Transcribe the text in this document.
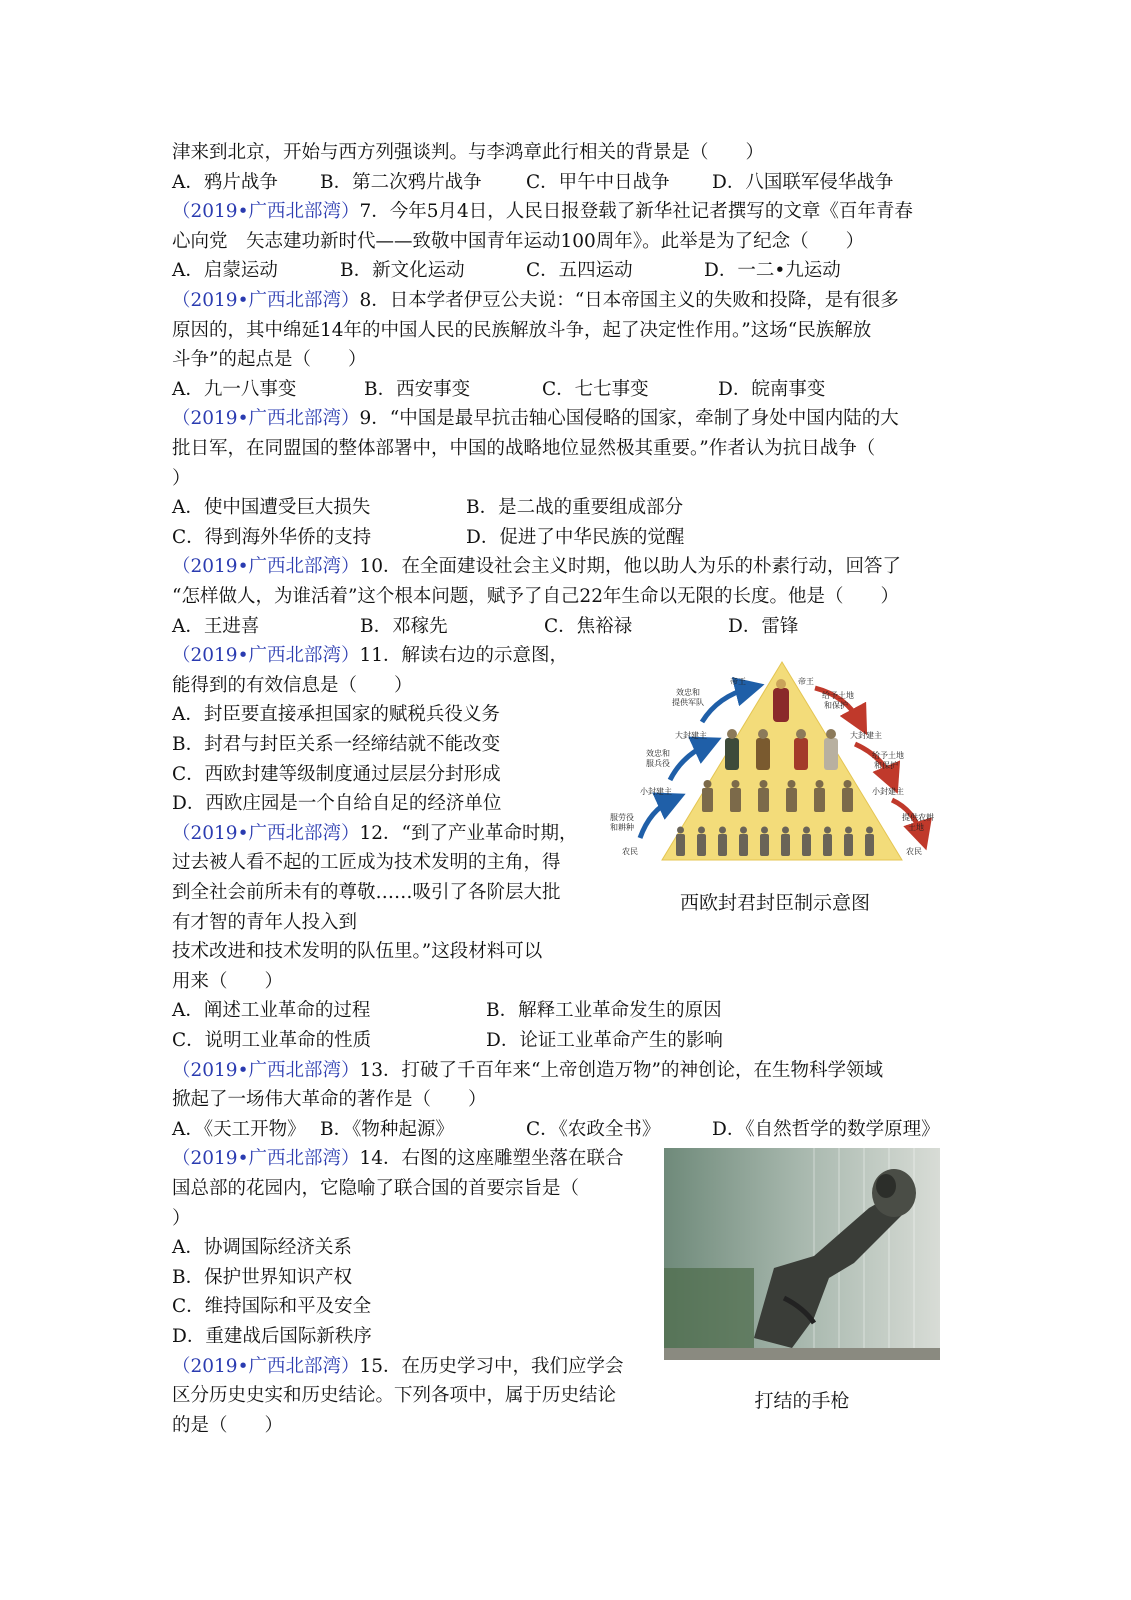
津来到北京，开始与西方列强谈判。与李鸿章此行相关的背景是（　　）
A．鸦片战争 B．第二次鸦片战争 C．甲午中日战争 D．八国联军侵华战争
（2019•广西北部湾）7．今年5月4日，人民日报登载了新华社记者撰写的文章《百年青春
心向党　矢志建功新时代——致敬中国青年运动100周年》。此举是为了纪念（　　）
A．启蒙运动	B．新文化运动	C．五四运动	D．一二•九运动
（2019•广西北部湾）8．日本学者伊豆公夫说：“日本帝国主义的失败和投降，是有很多
原因的，其中绵延14年的中国人民的民族解放斗争，起了决定性作用。”这场“民族解放
斗争”的起点是（　　）
A．九一八事变	B．西安事变	C．七七事变	D．皖南事变
（2019•广西北部湾）9．“中国是最早抗击轴心国侵略的国家，牵制了身处中国内陆的大
批日军，在同盟国的整体部署中，中国的战略地位显然极其重要。”作者认为抗日战争（
）
A．使中国遭受巨大损失	B．是二战的重要组成部分
C．得到海外华侨的支持	D．促进了中华民族的觉醒
（2019•广西北部湾）10．在全面建设社会主义时期，他以助人为乐的朴素行动，回答了
“怎样做人，为谁活着”这个根本问题，赋予了自己22年生命以无限的长度。他是（　　）
A．王进喜	B．邓稼先	C．焦裕禄	D．雷锋
（2019•广西北部湾）11．解读右边的示意图，
能得到的有效信息是（　　）
A．封臣要直接承担国家的赋税兵役义务
B．封君与封臣关系一经缔结就不能改变
C．西欧封建等级制度通过层层分封形成
D．西欧庄园是一个自给自足的经济单位
（2019•广西北部湾）12．“到了产业革命时期，
过去被人看不起的工匠成为技术发明的主角，得
到全社会前所未有的尊敬……吸引了各阶层大批
有才智的青年人投入到
技术改进和技术发明的队伍里。”这段材料可以
用来（　　）
A．阐述工业革命的过程	B．解释工业革命发生的原因
C．说明工业革命的性质	D．论证工业革命产生的影响
（2019•广西北部湾）13．打破了千百年来“上帝创造万物”的神创论，在生物科学领域
掀起了一场伟大革命的著作是（　　）
A．《天工开物》 B．《物种起源》	C．《农政全书》	D．《自然哲学的数学原理》
（2019•广西北部湾）14．右图的这座雕塑坐落在联合
国总部的花园内，它隐喻了联合国的首要宗旨是（
）
A．协调国际经济关系
B．保护世界知识产权
C．维持国际和平及安全
D．重建战后国际新秩序
（2019•广西北部湾）15．在历史学习中，我们应学会
区分历史史实和历史结论。下列各项中，属于历史结论
的是（　　）
帝王	帝王
效忠和提供军队
给予土地和保护
大封建主	大封建主
效忠和服兵役
给予土地和保护
小封建主	小封建主
服劳役和耕种
提供农耕土地
农民	农民
西欧封君封臣制示意图
打结的手枪
